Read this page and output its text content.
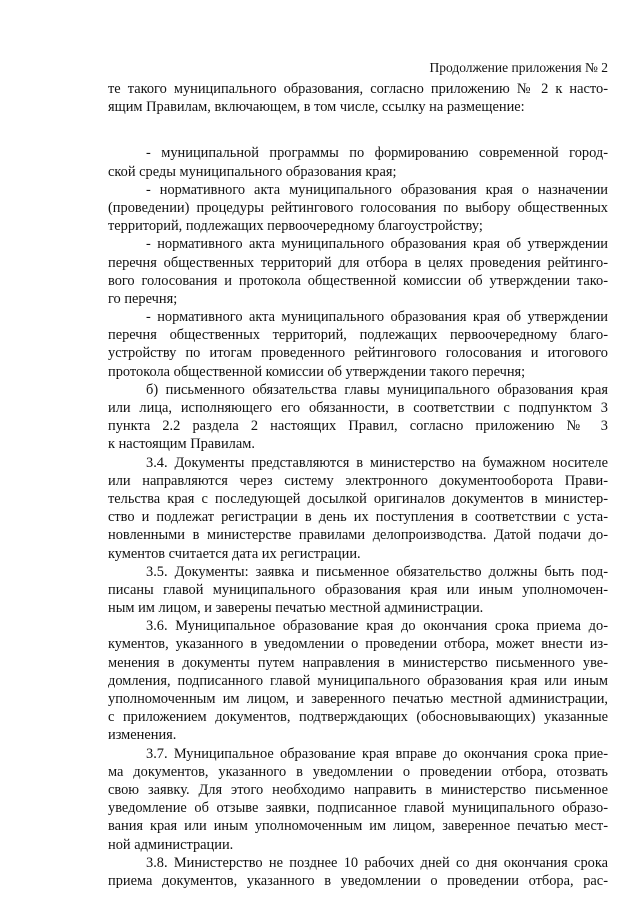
Продолжение приложения № 2
те такого муниципального образования, согласно приложению № 2 к насто-
ящим Правилам, включающем, в том числе, ссылку на размещение:
- муниципальной программы по формированию современной город-
ской среды муниципального образования края;
- нормативного акта муниципального образования края о назначении
(проведении) процедуры рейтингового голосования по выбору общественных
территорий, подлежащих первоочередному благоустройству;
- нормативного акта муниципального образования края об утверждении
перечня общественных территорий для отбора в целях проведения рейтинго-
вого голосования и протокола общественной комиссии об утверждении тако-
го перечня;
- нормативного акта муниципального образования края об утверждении
перечня общественных территорий, подлежащих первоочередному благо-
устройству по итогам проведенного рейтингового голосования и итогового
протокола общественной комиссии об утверждении такого перечня;
б) письменного обязательства главы муниципального образования края
или лица, исполняющего его обязанности, в соответствии с подпунктом 3
пункта 2.2 раздела 2 настоящих Правил, согласно приложению № 3
к настоящим Правилам.
3.4. Документы представляются в министерство на бумажном носителе
или направляются через систему электронного документооборота Прави-
тельства края с последующей досылкой оригиналов документов в министер-
ство и подлежат регистрации в день их поступления в соответствии с уста-
новленными в министерстве правилами делопроизводства. Датой подачи до-
кументов считается дата их регистрации.
3.5. Документы: заявка и письменное обязательство должны быть под-
писаны главой муниципального образования края или иным уполномочен-
ным им лицом, и заверены печатью местной администрации.
3.6. Муниципальное образование края до окончания срока приема до-
кументов, указанного в уведомлении о проведении отбора, может внести из-
менения в документы путем направления в министерство письменного уве-
домления, подписанного главой муниципального образования края или иным
уполномоченным им лицом, и заверенного печатью местной администрации,
с приложением документов, подтверждающих (обосновывающих) указанные
изменения.
3.7. Муниципальное образование края вправе до окончания срока прие-
ма документов, указанного в уведомлении о проведении отбора, отозвать
свою заявку. Для этого необходимо направить в министерство письменное
уведомление об отзыве заявки, подписанное главой муниципального образо-
вания края или иным уполномоченным им лицом, заверенное печатью мест-
ной администрации.
3.8. Министерство не позднее 10 рабочих дней со дня окончания срока
приема документов, указанного в уведомлении о проведении отбора, рас-
